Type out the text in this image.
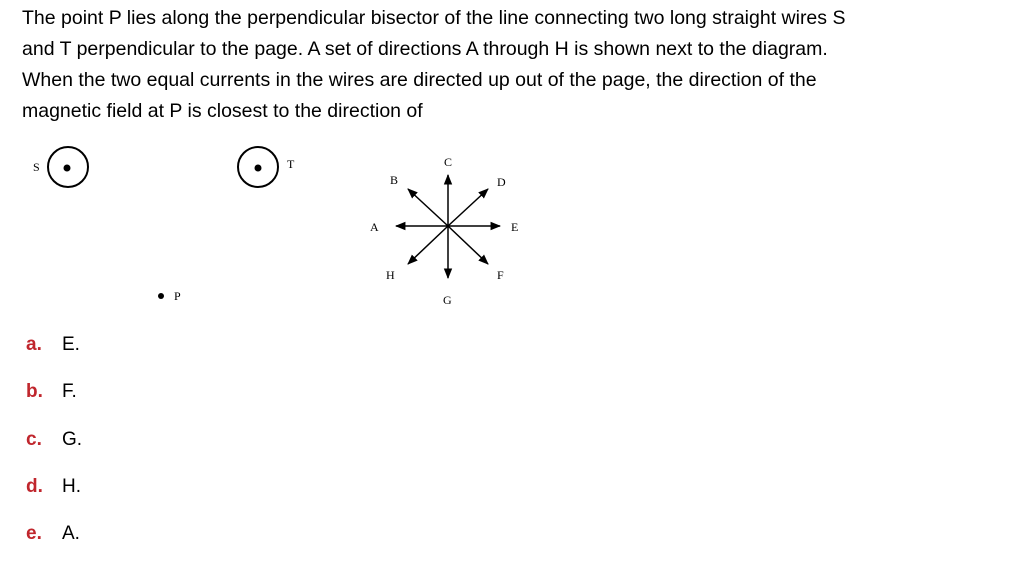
The point P lies along the perpendicular bisector of the line connecting two long straight wires S

and T perpendicular to the page. A set of directions A through H is shown next to the diagram.

When the two equal currents in the wires are directed up out of the page, the direction of the

magnetic field at P is closest to the direction of

S	T
P
C
B	D
A	E
H	F
G
a.	E.
b.	F.
c.	G.
d.	H.
e.	A.
